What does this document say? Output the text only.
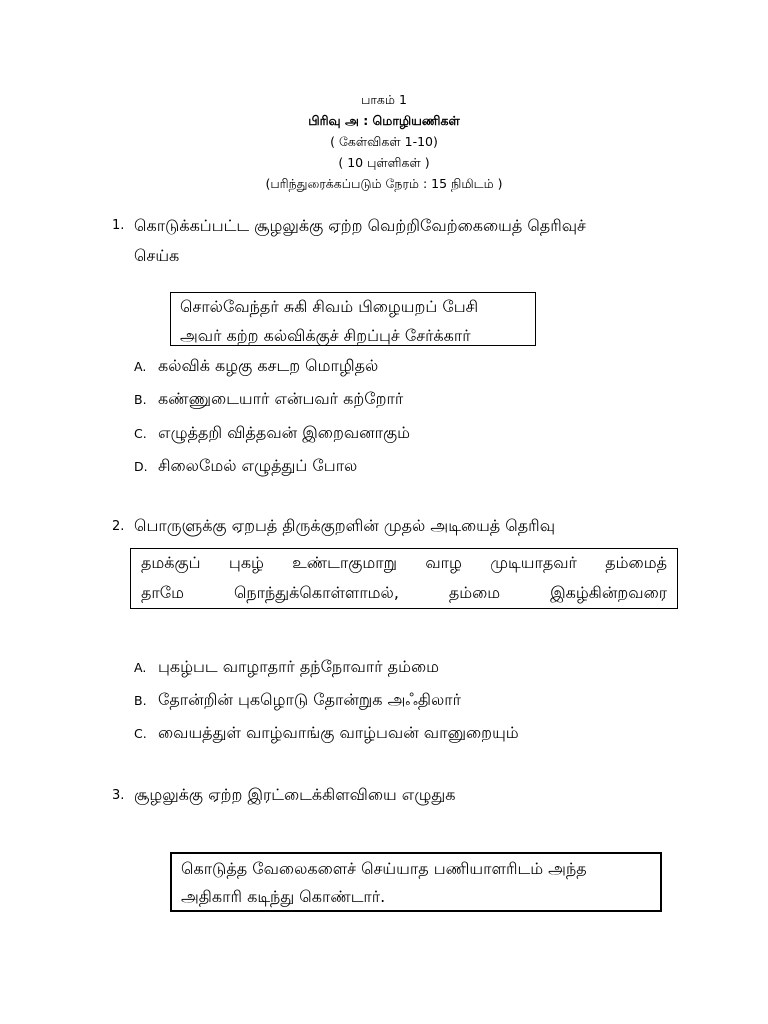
பாகம் 1
பிரிவு அ : மொழியணிகள்
( கேள்விகள் 1-10)
( 10 புள்ளிகள் )
(பரிந்துரைக்கப்படும் நேரம் : 15 நிமிடம் )
1. கொடுக்கப்பட்ட சூழலுக்கு ஏற்ற வெற்றிவேற்கையைத் தெரிவுச்
செய்க
சொல்வேந்தர் சுகி சிவம் பிழையறப் பேசி
அவர் கற்ற கல்விக்குச் சிறப்புச் சேர்க்கார்
A. கல்விக் கழகு கசடற மொழிதல்
B. கண்ணுடையார் என்பவர் கற்றோர்
C. எழுத்தறி வித்தவன் இறைவனாகும்
D. சிலைமேல் எழுத்துப் போல
2. பொருளுக்கு ஏறபத் திருக்குறளின் முதல் அடியைத் தெரிவு
தமக்குப் புகழ் உண்டாகுமாறு வாழ முடியாதவர் தம்மைத்
தாமே நொந்துக்கொள்ளாமல், தம்மை இகழ்கின்றவரை
A. புகழ்பட வாழாதார் தந்நோவார் தம்மை
B. தோன்றின் புகழொடு தோன்றுக அஃதிலார்
C. வையத்துள் வாழ்வாங்கு வாழ்பவன் வானுறையும்
3. சூழலுக்கு ஏற்ற இரட்டைக்கிளவியை எழுதுக
கொடுத்த வேலைகளைச் செய்யாத பணியாளரிடம் அந்த
அதிகாரி கடிந்து கொண்டார்.
